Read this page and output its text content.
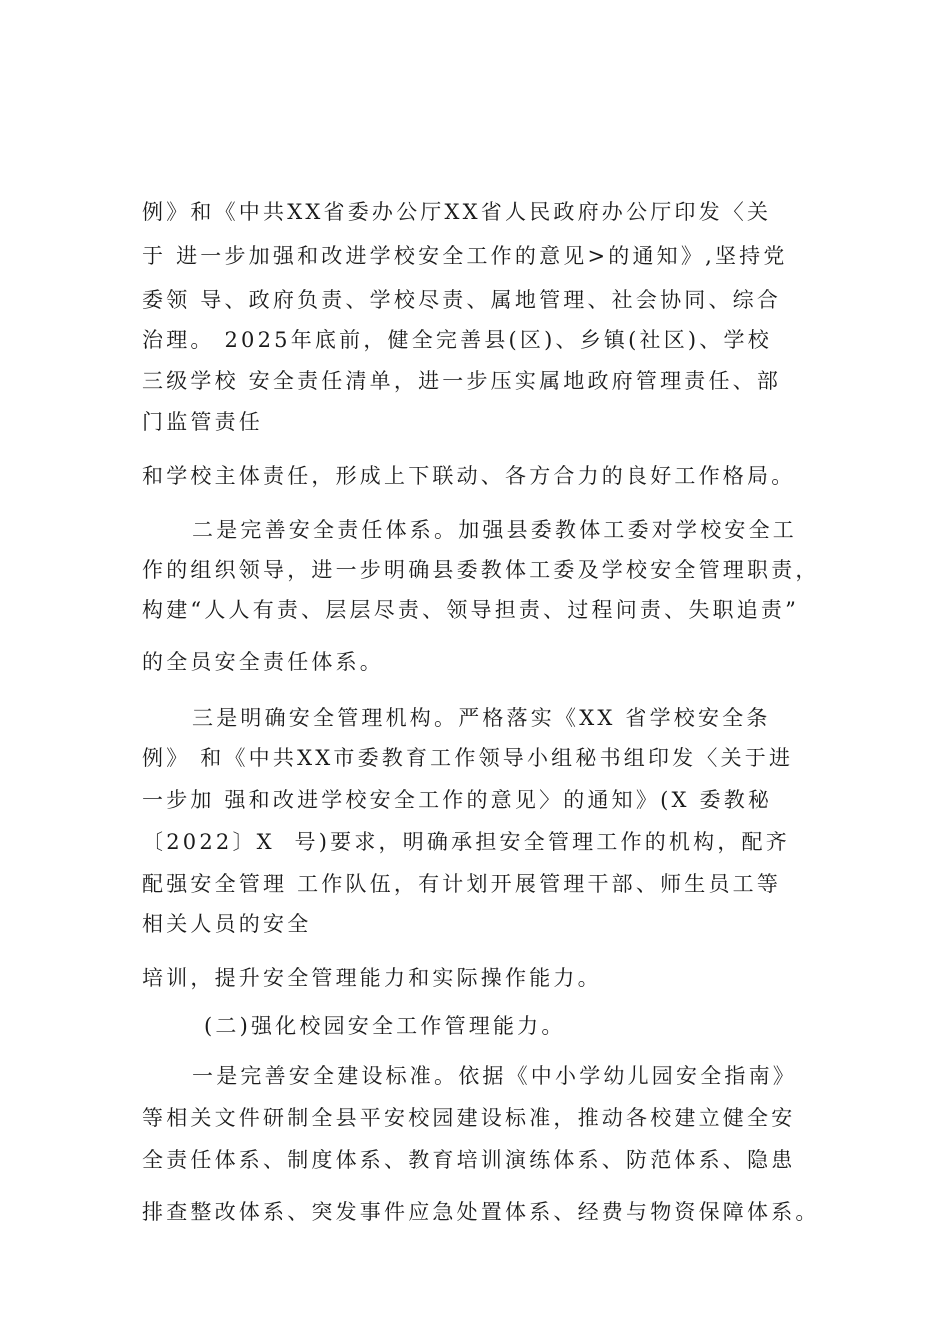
例》和《中共XX省委办公厅XX省人民政府办公厅印发〈关
于 进一步加强和改进学校安全工作的意见>的通知》,坚持党
委领 导、政府负责、学校尽责、属地管理、社会协同、综合
治理。 2025年底前，健全完善县(区)、乡镇(社区)、学校
三级学校 安全责任清单，进一步压实属地政府管理责任、部
门监管责任
和学校主体责任，形成上下联动、各方合力的良好工作格局。
二是完善安全责任体系。加强县委教体工委对学校安全工
作的组织领导，进一步明确县委教体工委及学校安全管理职责，
构建“人人有责、层层尽责、领导担责、过程问责、失职追责”
的全员安全责任体系。
三是明确安全管理机构。严格落实《XX 省学校安全条
例》 和《中共XX市委教育工作领导小组秘书组印发〈关于进
一步加 强和改进学校安全工作的意见〉的通知》(X 委教秘
〔2022〕X  号)要求，明确承担安全管理工作的机构，配齐
配强安全管理 工作队伍，有计划开展管理干部、师生员工等
相关人员的安全
培训，提升安全管理能力和实际操作能力。
(二)强化校园安全工作管理能力。
一是完善安全建设标准。依据《中小学幼儿园安全指南》
等相关文件研制全县平安校园建设标准，推动各校建立健全安
全责任体系、制度体系、教育培训演练体系、防范体系、隐患
排查整改体系、突发事件应急处置体系、经费与物资保障体系。
